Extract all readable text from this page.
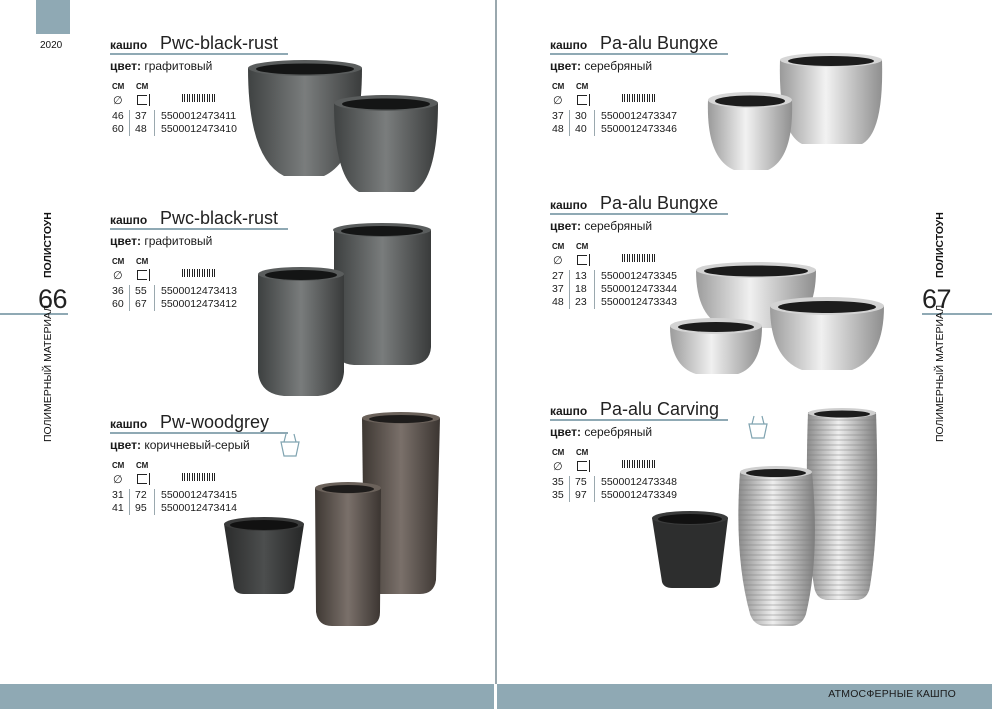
2020
66
ПОЛИСТОУН
ПОЛИМЕРНЫЙ МАТЕРИАЛ
67
ПОЛИСТОУН
ПОЛИМЕРНЫЙ МАТЕРИАЛ
АТМОСФЕРНЫЕ КАШПО
кашпо Pwc-black-rust
цвет: графитовый
СМ СМ
∅
46 37 5500012473411
60 48 5500012473410
кашпо Pwc-black-rust
цвет: графитовый
СМ СМ
∅
36 55 5500012473413
60 67 5500012473412
кашпо Pw-woodgrey
цвет: коричневый-серый
СМ СМ
∅
31 72 5500012473415
41 95 5500012473414
кашпо Pa-alu Bungxe
цвет: серебряный
СМ СМ
∅
37 30 5500012473347
48 40 5500012473346
кашпо Pa-alu Bungxe
цвет: серебряный
СМ СМ
∅
27 13 5500012473345
37 18 5500012473344
48 23 5500012473343
кашпо Pa-alu Carving
цвет: серебряный
СМ СМ
∅
35 75 5500012473348
35 97 5500012473349
